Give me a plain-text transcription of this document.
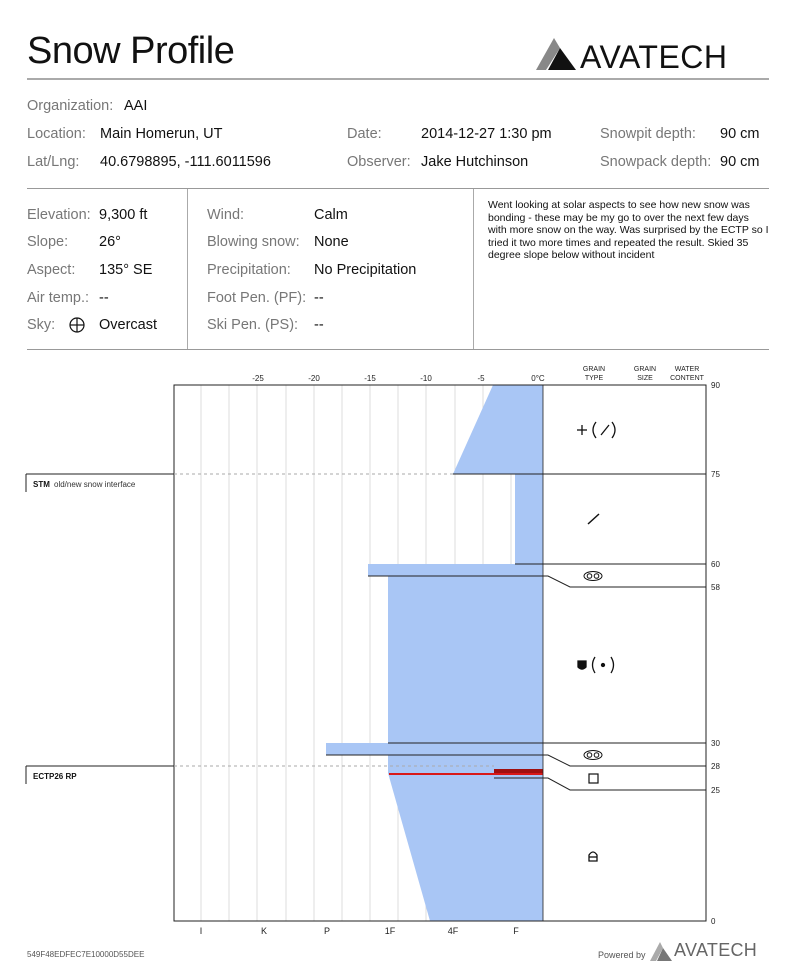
Snow Profile	AVATECH
Organization: AAI
Location: Main Homerun, UT	Date:	2014-12-27 1:30 pm	Snowpit depth: 90 cm
Lat/Lng: 40.6798895, -111.6011596	Observer: Jake Hutchinson	Snowpack depth: 90 cm
Elevation: 9,300 ft
Slope: 26°
Aspect: 135° SE
Air temp.: --
Sky:	Overcast
Wind:	Calm
Blowing snow: None
Precipitation: No Precipitation
Foot Pen. (PF): --
Ski Pen. (PS): --
Went looking at solar aspects to see how new snow was bonding - these may be my go to over the next few days with more snow on the way. Was surprised by the ECTP so I tried it two more times and repeated the result. Skied 35 degree slope below without incident
-25	-20	-15	-10	-5	0°C
GRAIN
TYPE
GRAIN
SIZE
WATER
CONTENT
90
75
60
58
30
28
25
0
I	K	P	1F	4F	F
STM old/new snow interface
ECTP26 RP
549F48EDFEC7E10000D55DEE	Powered by AVATECH
